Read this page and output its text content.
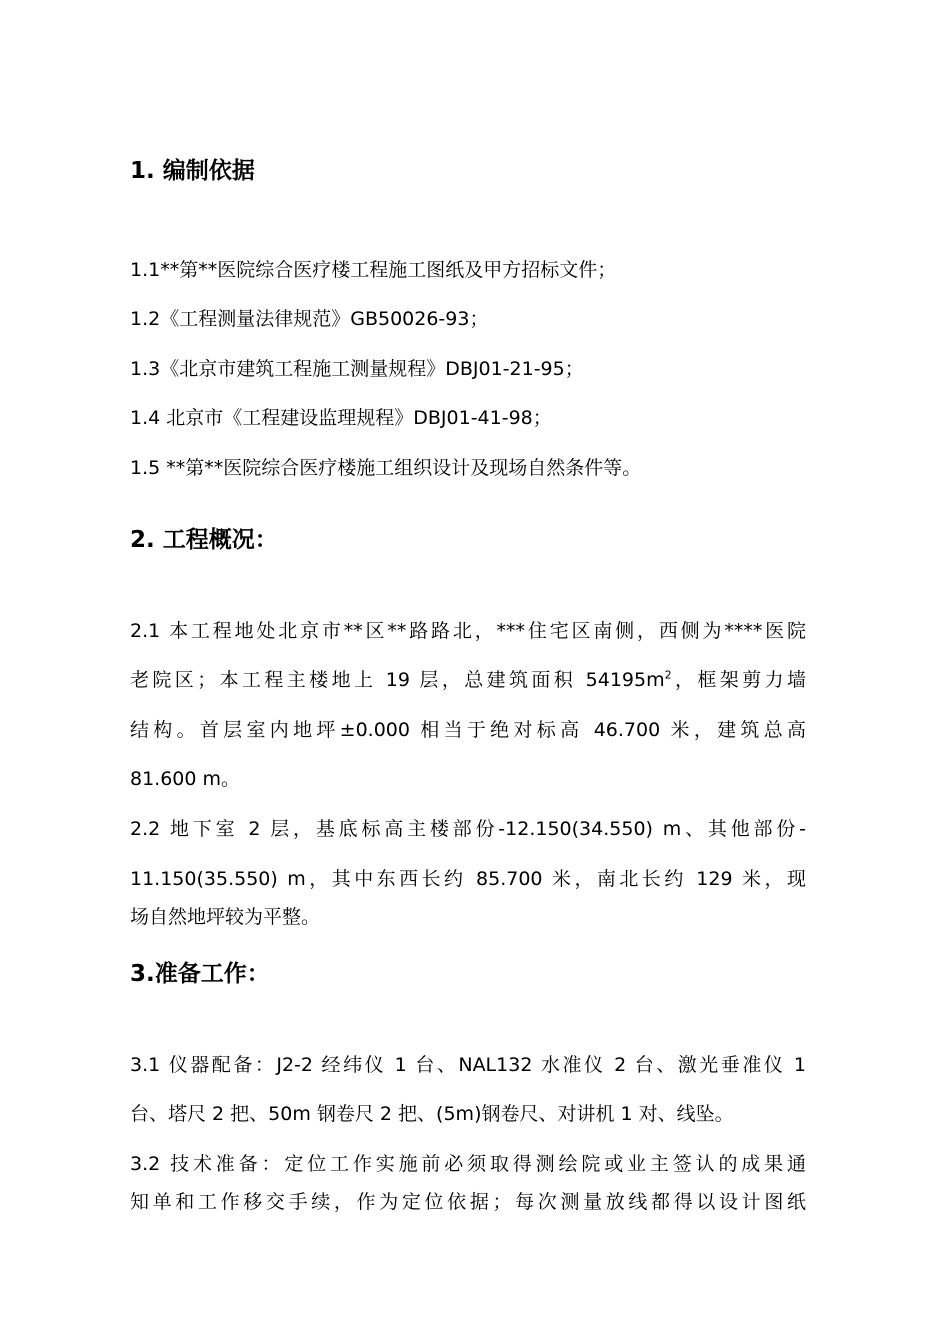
1. 编制依据
1.1**第**医院综合医疗楼工程施工图纸及甲方招标文件；
1.2《工程测量法律规范》GB50026-93；
1.3《北京市建筑工程施工测量规程》DBJ01-21-95；
1.4 北京市《工程建设监理规程》DBJ01-41-98；
1.5 **第**医院综合医疗楼施工组织设计及现场自然条件等。
2. 工程概况：
2.1 本工程地处北京市**区**路路北，***住宅区南侧，西侧为****医院
老院区；本工程主楼地上 19 层，总建筑面积 $54195m^2$，框架剪力墙
结构。首层室内地坪±0.000 相当于绝对标高 46.700 米，建筑总高
81.600 m。
2.2 地下室 2 层，基底标高主楼部份-12.150(34.550) m、其他部份-
11.150(35.550) m，其中东西长约 85.700 米，南北长约 129 米，现
场自然地坪较为平整。
3.准备工作：
3.1 仪器配备：J2-2 经纬仪 1 台、NAL132 水准仪 2 台、激光垂准仪 1
台、塔尺 2 把、50m 钢卷尺 2 把、(5m)钢卷尺、对讲机 1 对、线坠。
3.2 技术准备：定位工作实施前必须取得测绘院或业主签认的成果通
知单和工作移交手续，作为定位依据；每次测量放线都得以设计图纸
